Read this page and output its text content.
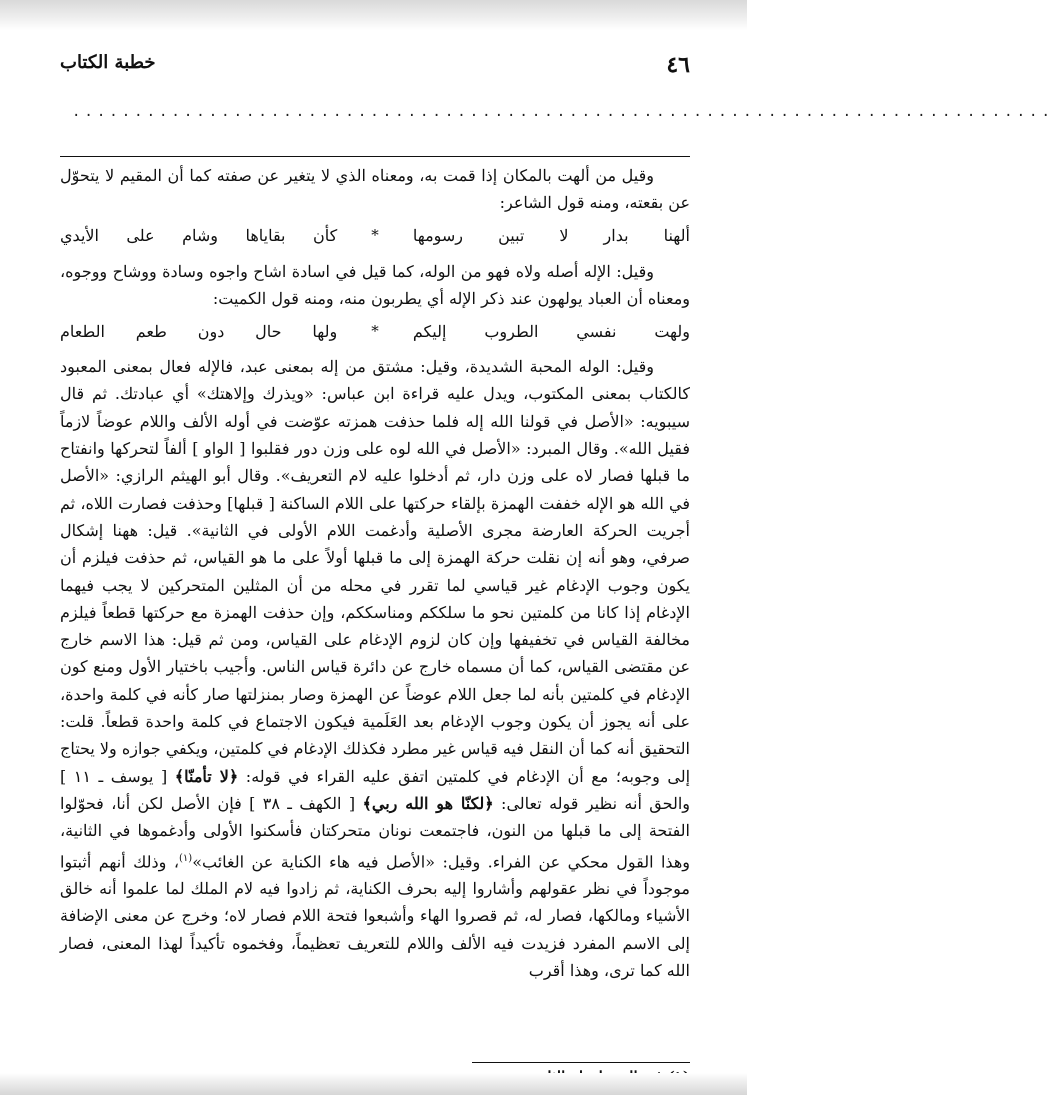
٤٦
خطبة الكتاب
...............................................................................

وقيل من ألهت بالمكان إذا قمت به، ومعناه الذي لا يتغير عن صفته كما أن المقيم لا يتحوّل عن بقعته، ومنه قول الشاعر:

ألهنا بدار لا تبين رسومها
*
كأن بقاياها وشام على الأيدي

وقيل: الإله أصله ولاه فهو من الوله، كما قيل في اسادة اشاح واجوه وسادة ووشاح ووجوه، ومعناه أن العباد يولهون عند ذكر الإله أي يطربون منه، ومنه قول الكميت:

ولهت نفسي الطروب إليكم
*
ولها حال دون طعم الطعام

وقيل: الوله المحبة الشديدة، وقيل: مشتق من إله بمعنى عبد، فالإله فعال بمعنى المعبود كالكتاب بمعنى المكتوب، ويدل عليه قراءة ابن عباس: «ويذرك وإلاهتك» أي عبادتك. ثم قال سيبويه: «الأصل في قولنا الله إله فلما حذفت همزته عوّضت في أوله الألف واللام عوضاً لازماً فقيل الله». وقال المبرد: «الأصل في الله لوه على وزن دور فقلبوا [ الواو ] ألفاً لتحركها وانفتاح ما قبلها فصار لاه على وزن دار، ثم أدخلوا عليه لام التعريف». وقال أبو الهيثم الرازي: «الأصل في الله هو الإله خففت الهمزة بإلقاء حركتها على اللام الساكنة [ قبلها] وحذفت فصارت اللاه، ثم أجريت الحركة العارضة مجرى الأصلية وأدغمت اللام الأولى في الثانية». قيل: ههنا إشكال صرفي، وهو أنه إن نقلت حركة الهمزة إلى ما قبلها أولاً على ما هو القياس، ثم حذفت فيلزم أن يكون وجوب الإدغام غير قياسي لما تقرر في محله من أن المثلين المتحركين لا يجب فيهما الإدغام إذا كانا من كلمتين نحو ما سلككم ومناسككم، وإن حذفت الهمزة مع حركتها قطعاً فيلزم مخالفة القياس في تخفيفها وإن كان لزوم الإدغام على القياس، ومن ثم قيل: هذا الاسم خارج عن مقتضى القياس، كما أن مسماه خارج عن دائرة قياس الناس. وأجيب باختيار الأول ومنع كون الإدغام في كلمتين بأنه لما جعل اللام عوضاً عن الهمزة وصار بمنزلتها صار كأنه في كلمة واحدة، على أنه يجوز أن يكون وجوب الإدغام بعد العَلَمية فيكون الاجتماع في كلمة واحدة قطعاً. قلت: التحقيق أنه كما أن النقل فيه قياس غير مطرد فكذلك الإدغام في كلمتين، ويكفي جوازه ولا يحتاج إلى وجوبه؛ مع أن الإدغام في كلمتين اتفق عليه القراء في قوله: ﴿لا تأمنّا﴾ [ يوسف ـ ١١ ] والحق أنه نظير قوله تعالى: ﴿لكنّا هو الله ربي﴾ [ الكهف ـ ٣٨ ] فإن الأصل لكن أنا، فحوّلوا الفتحة إلى ما قبلها من النون، فاجتمعت نونان متحركتان فأسكنوا الأولى وأدغموها في الثانية، وهذا القول محكي عن الفراء. وقيل: «الأصل فيه هاء الكناية عن الغائب»$^{(١)}$، وذلك أنهم أثبتوا موجوداً في نظر عقولهم وأشاروا إليه بحرف الكناية، ثم زادوا فيه لام الملك لما علموا أنه خالق الأشياء ومالكها، فصار له، ثم قصروا الهاء وأشبعوا فتحة اللام فصار لاه؛ وخرج عن معنى الإضافة إلى الاسم المفرد فزيدت فيه الألف واللام للتعريف تعظيماً، وفخموه تأكيداً لهذا المعنى، فصار الله كما ترى، وهذا أقرب
